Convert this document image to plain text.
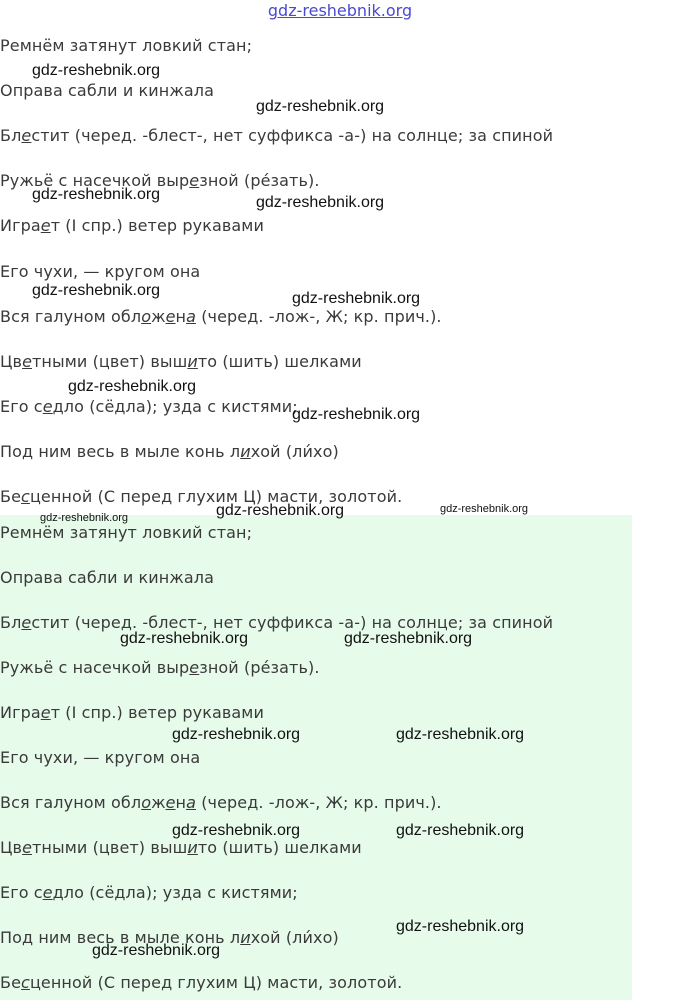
gdz-reshebnik.org
Ремнём затянут ловкий стан;
Оправа сабли и кинжала
Блестит (черед. -блест-, нет суффикса -а-) на солнце; за спиной
Ружьё с насечкой вырезной (ре́зать).
Играет (I спр.) ветер рукавами
Его чухи, — кругом она
Вся галуном обложена (черед. -лож-, Ж; кр. прич.).
Цветными (цвет) вышито (шить) шелками
Его седло (сёдла); узда с кистями;
Под ним весь в мыле конь лихой (ли́хо)
Бесценной (С перед глухим Ц) масти, золотой.
Ремнём затянут ловкий стан;
Оправа сабли и кинжала
Блестит (черед. -блест-, нет суффикса -а-) на солнце; за спиной
Ружьё с насечкой вырезной (ре́зать).
Играет (I спр.) ветер рукавами
Его чухи, — кругом она
Вся галуном обложена (черед. -лож-, Ж; кр. прич.).
Цветными (цвет) вышито (шить) шелками
Его седло (сёдла); узда с кистями;
Под ним весь в мыле конь лихой (ли́хо)
Бесценной (С перед глухим Ц) масти, золотой.
gdz-reshebnik.org
gdz-reshebnik.org
gdz-reshebnik.org	gdz-reshebnik.org
gdz-reshebnik.org	gdz-reshebnik.org
gdz-reshebnik.org
gdz-reshebnik.org
gdz-reshebnik.org
gdz-reshebnik.org
gdz-reshebnik.org
gdz-reshebnik.org	gdz-reshebnik.org
gdz-reshebnik.org	gdz-reshebnik.org
gdz-reshebnik.org	gdz-reshebnik.org
gdz-reshebnik.org
gdz-reshebnik.org
